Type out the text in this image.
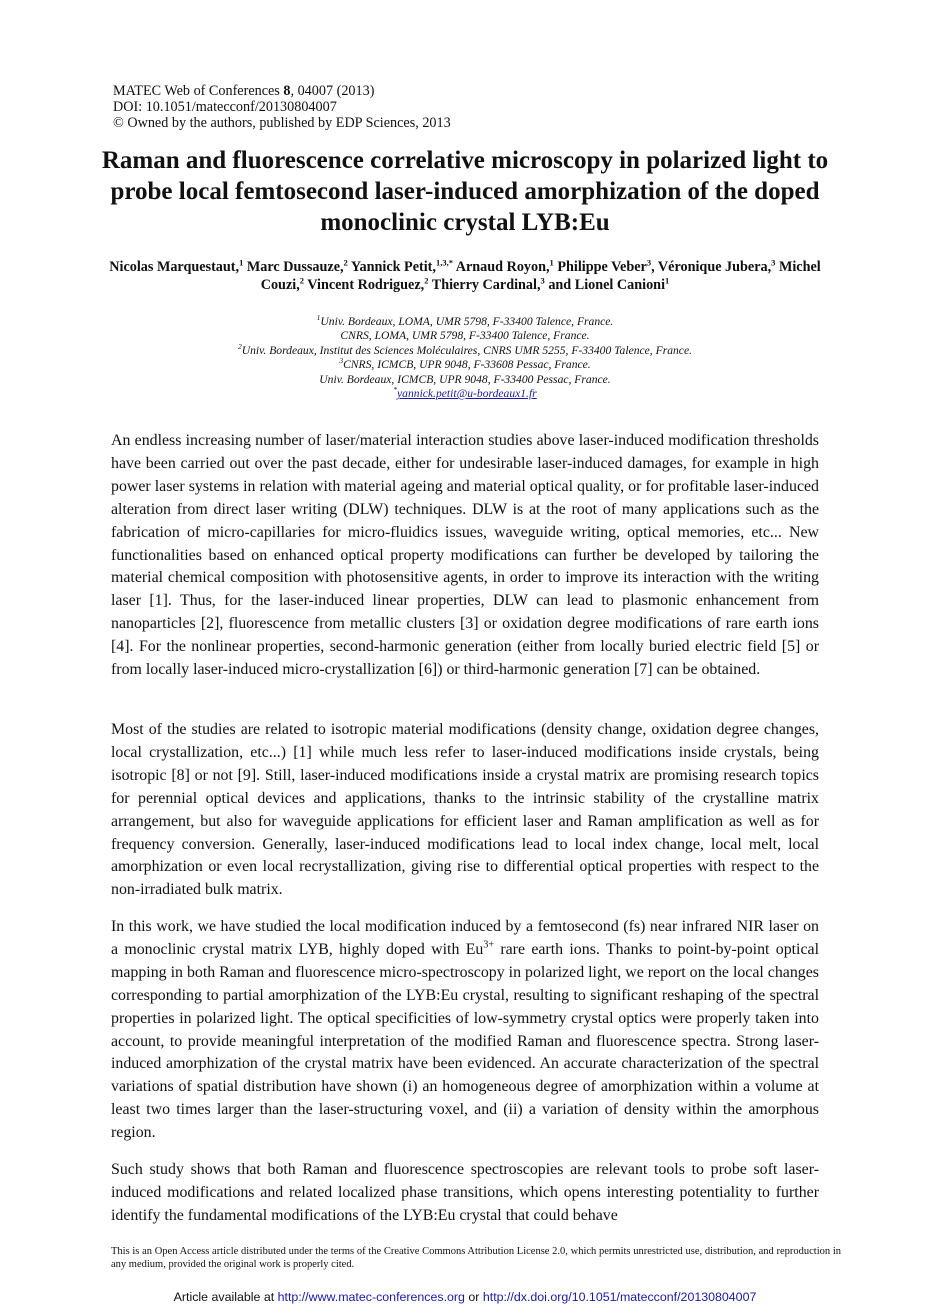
MATEC Web of Conferences 8, 04007 (2013)
DOI: 10.1051/matecconf/20130804007
© Owned by the authors, published by EDP Sciences, 2013
Raman and fluorescence correlative microscopy in polarized light to probe local femtosecond laser-induced amorphization of the doped monoclinic crystal LYB:Eu
Nicolas Marquestaut,$^1$ Marc Dussauze,$^2$ Yannick Petit,$^{1,3,*}$ Arnaud Royon,$^1$ Philippe Veber$^3$, Véronique Jubera,$^3$ Michel Couzi,$^2$ Vincent Rodriguez,$^2$ Thierry Cardinal,$^3$ and Lionel Canioni$^1$
$^1$Univ. Bordeaux, LOMA, UMR 5798, F-33400 Talence, France.
CNRS, LOMA, UMR 5798, F-33400 Talence, France.
$^2$Univ. Bordeaux, Institut des Sciences Moléculaires, CNRS UMR 5255, F-33400 Talence, France.
$^3$CNRS, ICMCB, UPR 9048, F-33608 Pessac, France.
Univ. Bordeaux, ICMCB, UPR 9048, F-33400 Pessac, France.
*yannick.petit@u-bordeaux1.fr
An endless increasing number of laser/material interaction studies above laser-induced modification thresholds have been carried out over the past decade, either for undesirable laser-induced damages, for example in high power laser systems in relation with material ageing and material optical quality, or for profitable laser-induced alteration from direct laser writing (DLW) techniques. DLW is at the root of many applications such as the fabrication of micro-capillaries for micro-fluidics issues, waveguide writing, optical memories, etc... New functionalities based on enhanced optical property modifications can further be developed by tailoring the material chemical composition with photosensitive agents, in order to improve its interaction with the writing laser [1]. Thus, for the laser-induced linear properties, DLW can lead to plasmonic enhancement from nanoparticles [2], fluorescence from metallic clusters [3] or oxidation degree modifications of rare earth ions [4]. For the nonlinear properties, second-harmonic generation (either from locally buried electric field [5] or from locally laser-induced micro-crystallization [6]) or third-harmonic generation [7] can be obtained.
Most of the studies are related to isotropic material modifications (density change, oxidation degree changes, local crystallization, etc...) [1] while much less refer to laser-induced modifications inside crystals, being isotropic [8] or not [9]. Still, laser-induced modifications inside a crystal matrix are promising research topics for perennial optical devices and applications, thanks to the intrinsic stability of the crystalline matrix arrangement, but also for waveguide applications for efficient laser and Raman amplification as well as for frequency conversion. Generally, laser-induced modifications lead to local index change, local melt, local amorphization or even local recrystallization, giving rise to differential optical properties with respect to the non-irradiated bulk matrix.
In this work, we have studied the local modification induced by a femtosecond (fs) near infrared NIR laser on a monoclinic crystal matrix LYB, highly doped with $Eu^{3+}$ rare earth ions. Thanks to point-by-point optical mapping in both Raman and fluorescence micro-spectroscopy in polarized light, we report on the local changes corresponding to partial amorphization of the LYB:Eu crystal, resulting to significant reshaping of the spectral properties in polarized light. The optical specificities of low-symmetry crystal optics were properly taken into account, to provide meaningful interpretation of the modified Raman and fluorescence spectra. Strong laser-induced amorphization of the crystal matrix have been evidenced. An accurate characterization of the spectral variations of spatial distribution have shown (i) an homogeneous degree of amorphization within a volume at least two times larger than the laser-structuring voxel, and (ii) a variation of density within the amorphous region.
Such study shows that both Raman and fluorescence spectroscopies are relevant tools to probe soft laser-induced modifications and related localized phase transitions, which opens interesting potentiality to further identify the fundamental modifications of the LYB:Eu crystal that could behave
This is an Open Access article distributed under the terms of the Creative Commons Attribution License 2.0, which permits unrestricted use, distribution, and reproduction in any medium, provided the original work is properly cited.
Article available at http://www.matec-conferences.org or http://dx.doi.org/10.1051/matecconf/20130804007
